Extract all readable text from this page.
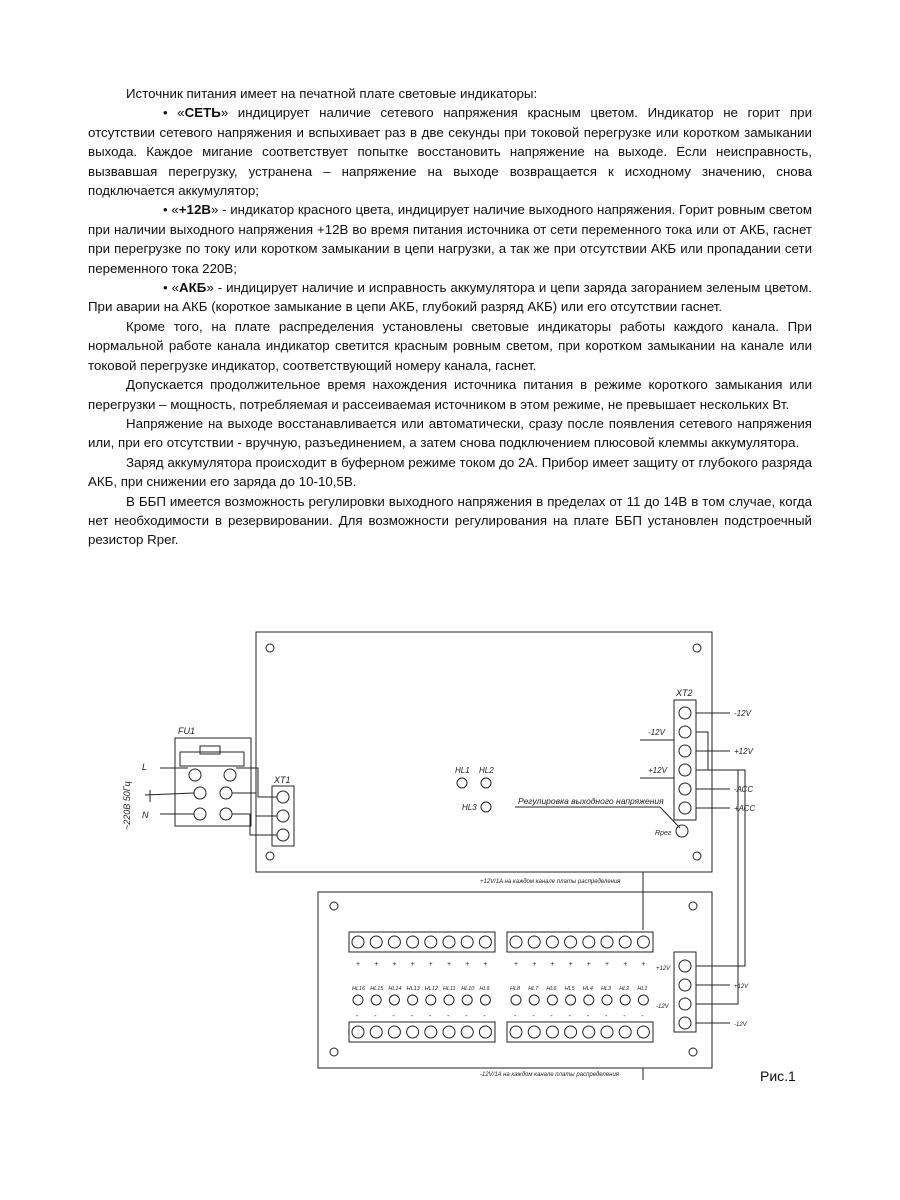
Источник питания имеет на печатной плате световые индикаторы:

• «СЕТЬ» индицирует наличие сетевого напряжения красным цветом. Индикатор не горит при отсутствии сетевого напряжения и вспыхивает раз в две секунды при токовой перегрузке или коротком замыкании выхода. Каждое мигание соответствует попытке восстановить напряжение на выходе. Если неисправность, вызвавшая перегрузку, устранена – напряжение на выходе возвращается к исходному значению, снова подключается аккумулятор;

• «+12В» - индикатор красного цвета, индицирует наличие выходного напряжения. Горит ровным светом при наличии выходного напряжения +12В во время питания источника от сети переменного тока или от АКБ, гаснет при перегрузке по току или коротком замыкании в цепи нагрузки, а так же при отсутствии АКБ или пропадании сети переменного тока 220В;

• «АКБ» - индицирует наличие и исправность аккумулятора и цепи заряда загоранием зеленым цветом. При аварии на АКБ (короткое замыкание в цепи АКБ, глубокий разряд АКБ) или его отсутствии гаснет.

Кроме того, на плате распределения установлены световые индикаторы работы каждого канала. При нормальной работе канала индикатор светится красным ровным светом, при коротком замыкании на канале или токовой перегрузке индикатор, соответствующий номеру канала, гаснет.

Допускается продолжительное время нахождения источника питания в режиме короткого замыкания или перегрузки – мощность, потребляемая и рассеиваемая источником в этом режиме, не превышает нескольких Вт.

Напряжение на выходе восстанавливается или автоматически, сразу после появления сетевого напряжения или, при его отсутствии - вручную, разъединением, а затем снова подключением плюсовой клеммы аккумулятора.

Заряд аккумулятора происходит в буферном режиме током до 2А. Прибор имеет защиту от глубокого разряда АКБ, при снижении его заряда до 10-10,5В.

В ББП имеется возможность регулировки выходного напряжения в пределах от 11 до 14В в том случае, когда нет необходимости в резервировании. Для возможности регулирования на плате ББП установлен подстроечный резистор Rрег.

FU1
L
N
~220В 50Гц
XT1
HL1 HL2
HL3
Регулировка выходного напряжения
Rрег
XT2
-12V
+12V
-АСС
+АСС
-12V
+12V
+12V/1A на каждом канале платы распределения
+
-
HL16
+
-
HL15
+
-
HL14
+
-
HL13
+
-
HL12
+
-
HL11
+
-
HL10
+
-
HL9
+
-
HL8
+
-
HL7
+
-
HL6
+
-
HL5
+
-
HL4
+
-
HL3
+
-
HL2
+
-
HL1
+12V
+12V
-12V
-12V
-12V/1A на каждом канале платы распределения	Рис.1
